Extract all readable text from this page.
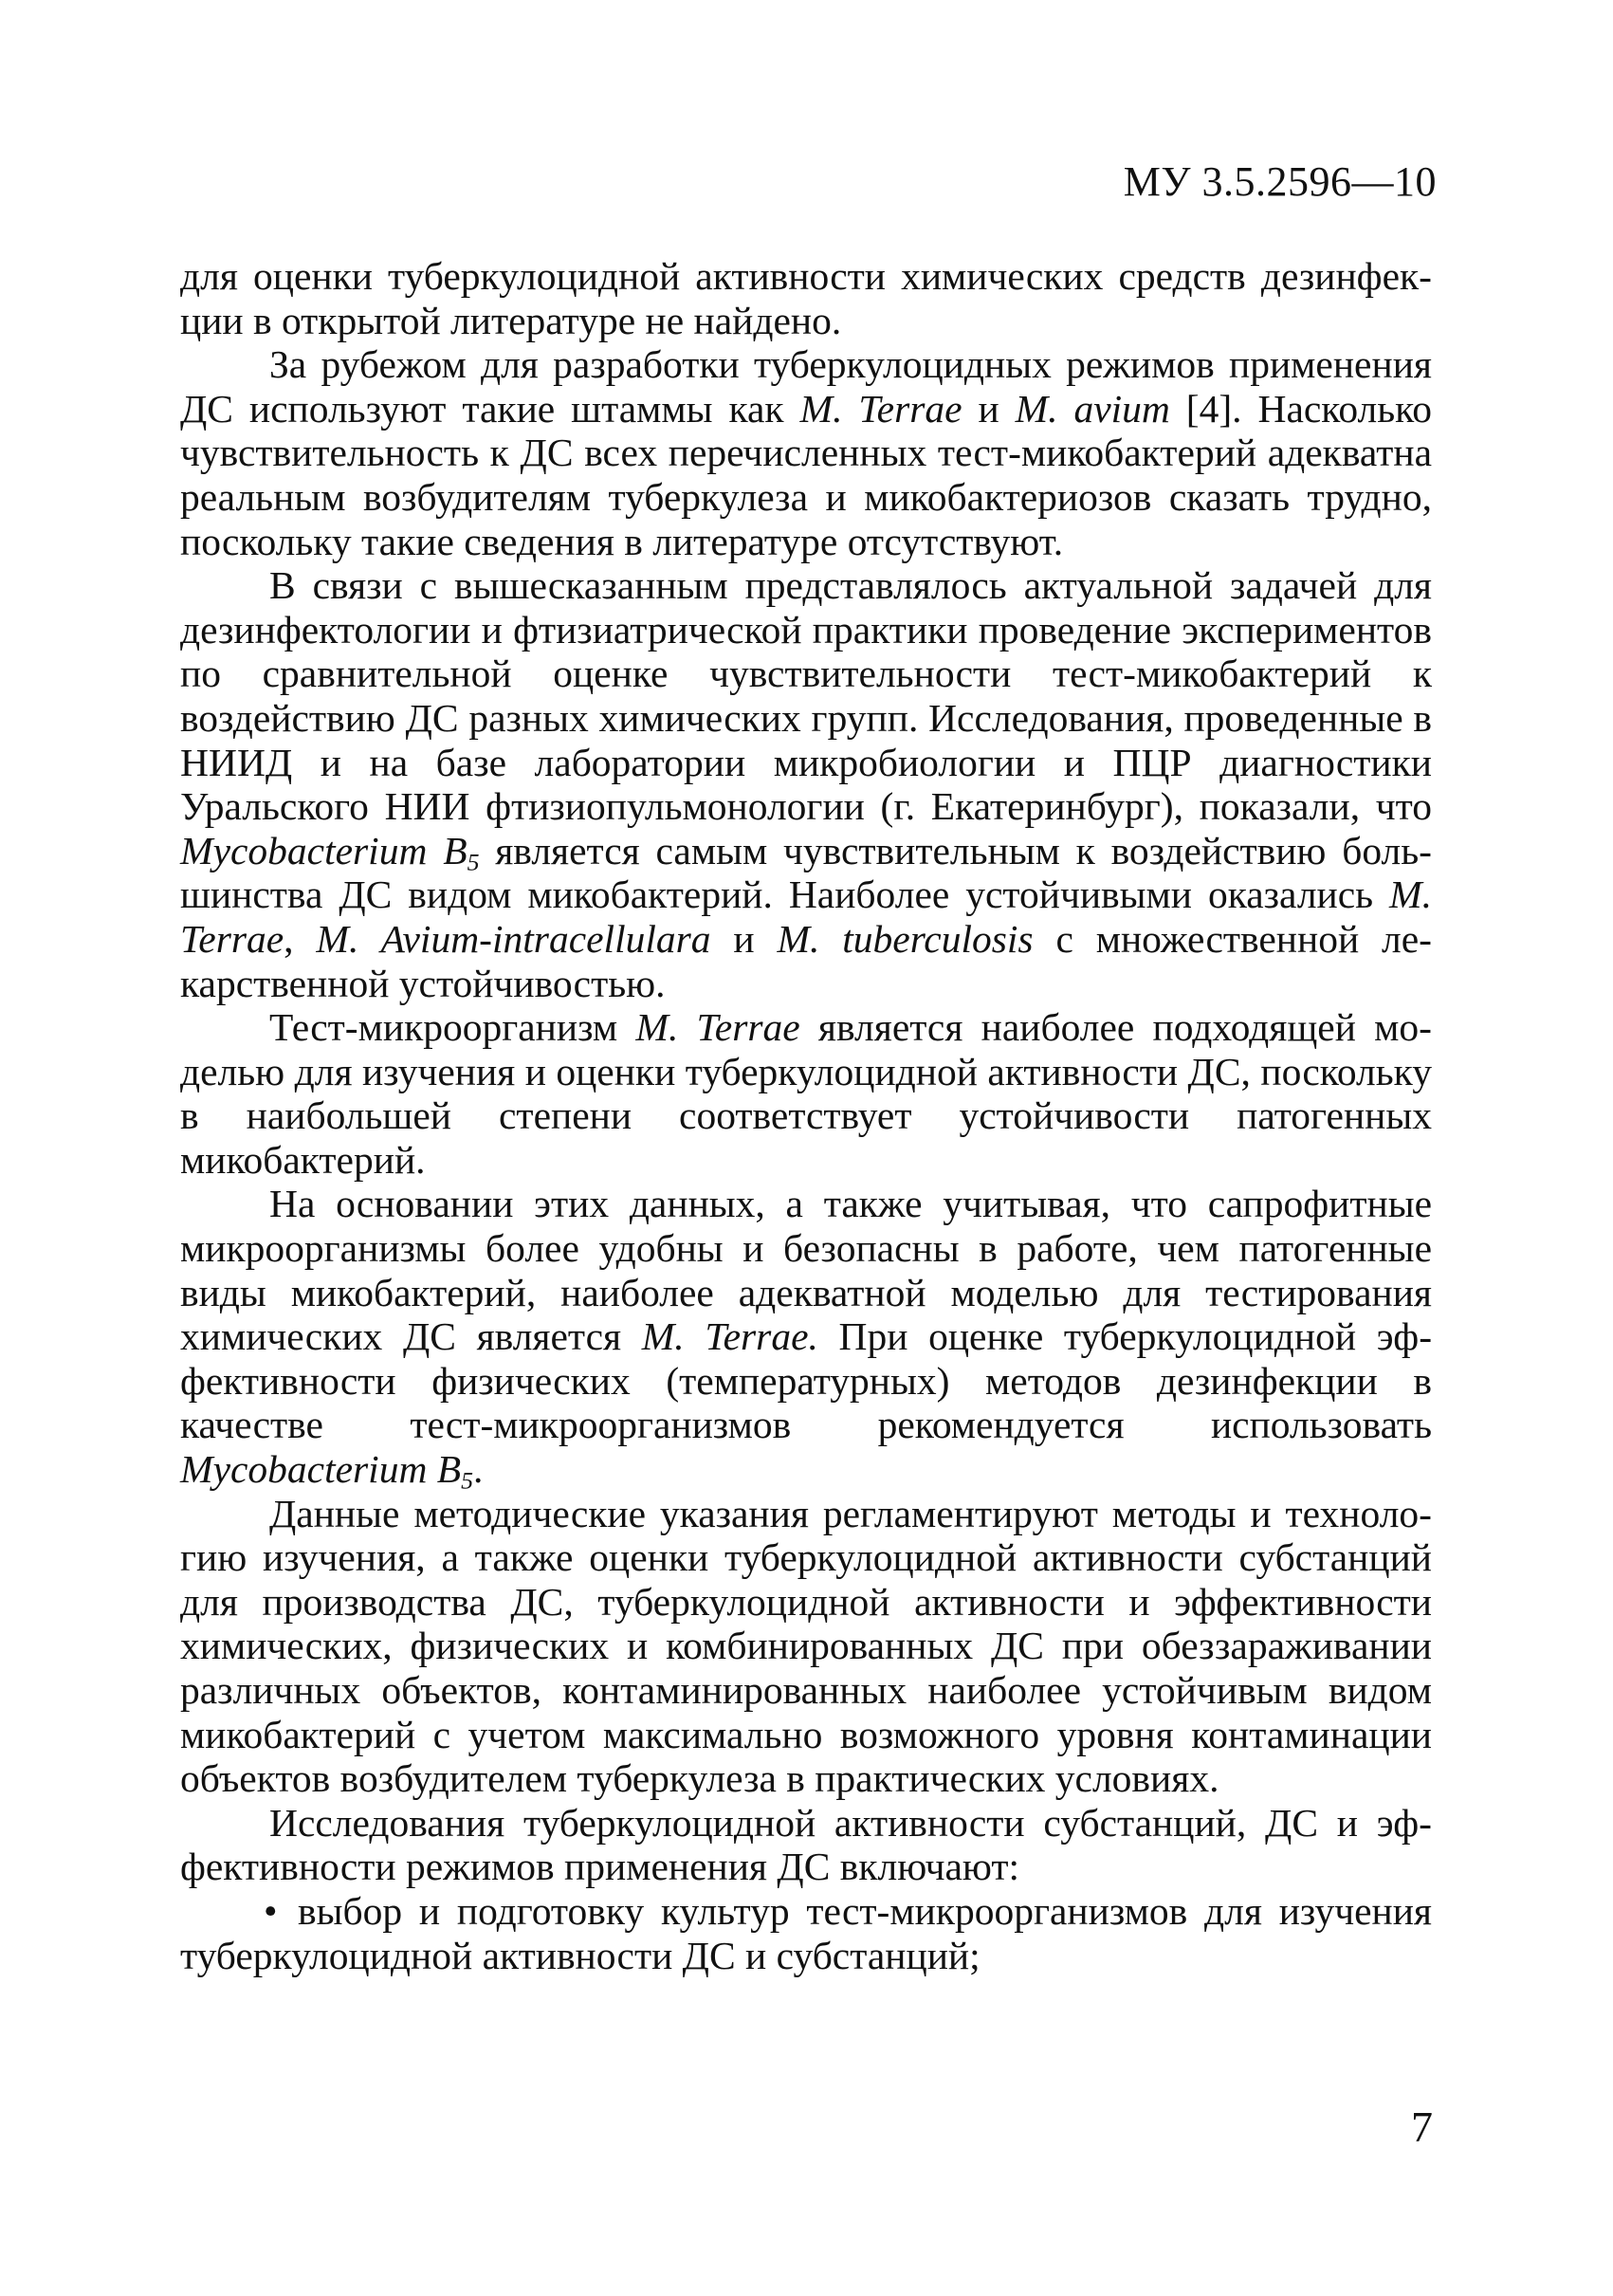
МУ 3.5.2596—10

для оценки туберкулоцидной активности химических средств дезинфекции в открытой литературе не найдено.

За рубежом для разработки туберкулоцидных режимов применения ДС используют такие штаммы как M. Terrae и M. avium [4]. Насколько чувствительность к ДС всех перечисленных тест-микобактерий адекватна реальным возбудителям туберкулеза и микобактериозов сказать трудно, поскольку такие сведения в литературе отсутствуют.

В связи с вышесказанным представлялось актуальной задачей для дезинфектологии и фтизиатрической практики проведение экспериментов по сравнительной оценке чувствительности тест-микобактерий к воздействию ДС разных химических групп. Исследования, проведенные в НИИД и на базе лаборатории микробиологии и ПЦР диагностики Уральского НИИ фтизиопульмонологии (г. Екатеринбург), показали, что Mycobacterium $B_5$ является самым чувствительным к воздействию большинства ДС видом микобактерий. Наиболее устойчивыми оказались M. Terrae, M. Avium-intracellulara и M. tuberculosis с множественной лекарственной устойчивостью.

Тест-микроорганизм M. Terrae является наиболее подходящей моделью для изучения и оценки туберкулоцидной активности ДС, поскольку в наибольшей степени соответствует устойчивости патогенных микобактерий.

На основании этих данных, а также учитывая, что сапрофитные микроорганизмы более удобны и безопасны в работе, чем патогенные виды микобактерий, наиболее адекватной моделью для тестирования химических ДС является M. Terrae. При оценке туберкулоцидной эффективности физических (температурных) методов дезинфекции в качестве тест-микроорганизмов рекомендуется использовать Mycobacterium $B_5$.

Данные методические указания регламентируют методы и технологию изучения, а также оценки туберкулоцидной активности субстанций для производства ДС, туберкулоцидной активности и эффективности химических, физических и комбинированных ДС при обеззараживании различных объектов, контаминированных наиболее устойчивым видом микобактерий с учетом максимально возможного уровня контаминации объектов возбудителем туберкулеза в практических условиях.

Исследования туберкулоцидной активности субстанций, ДС и эффективности режимов применения ДС включают:

• выбор и подготовку культур тест-микроорганизмов для изучения туберкулоцидной активности ДС и субстанций;

7
